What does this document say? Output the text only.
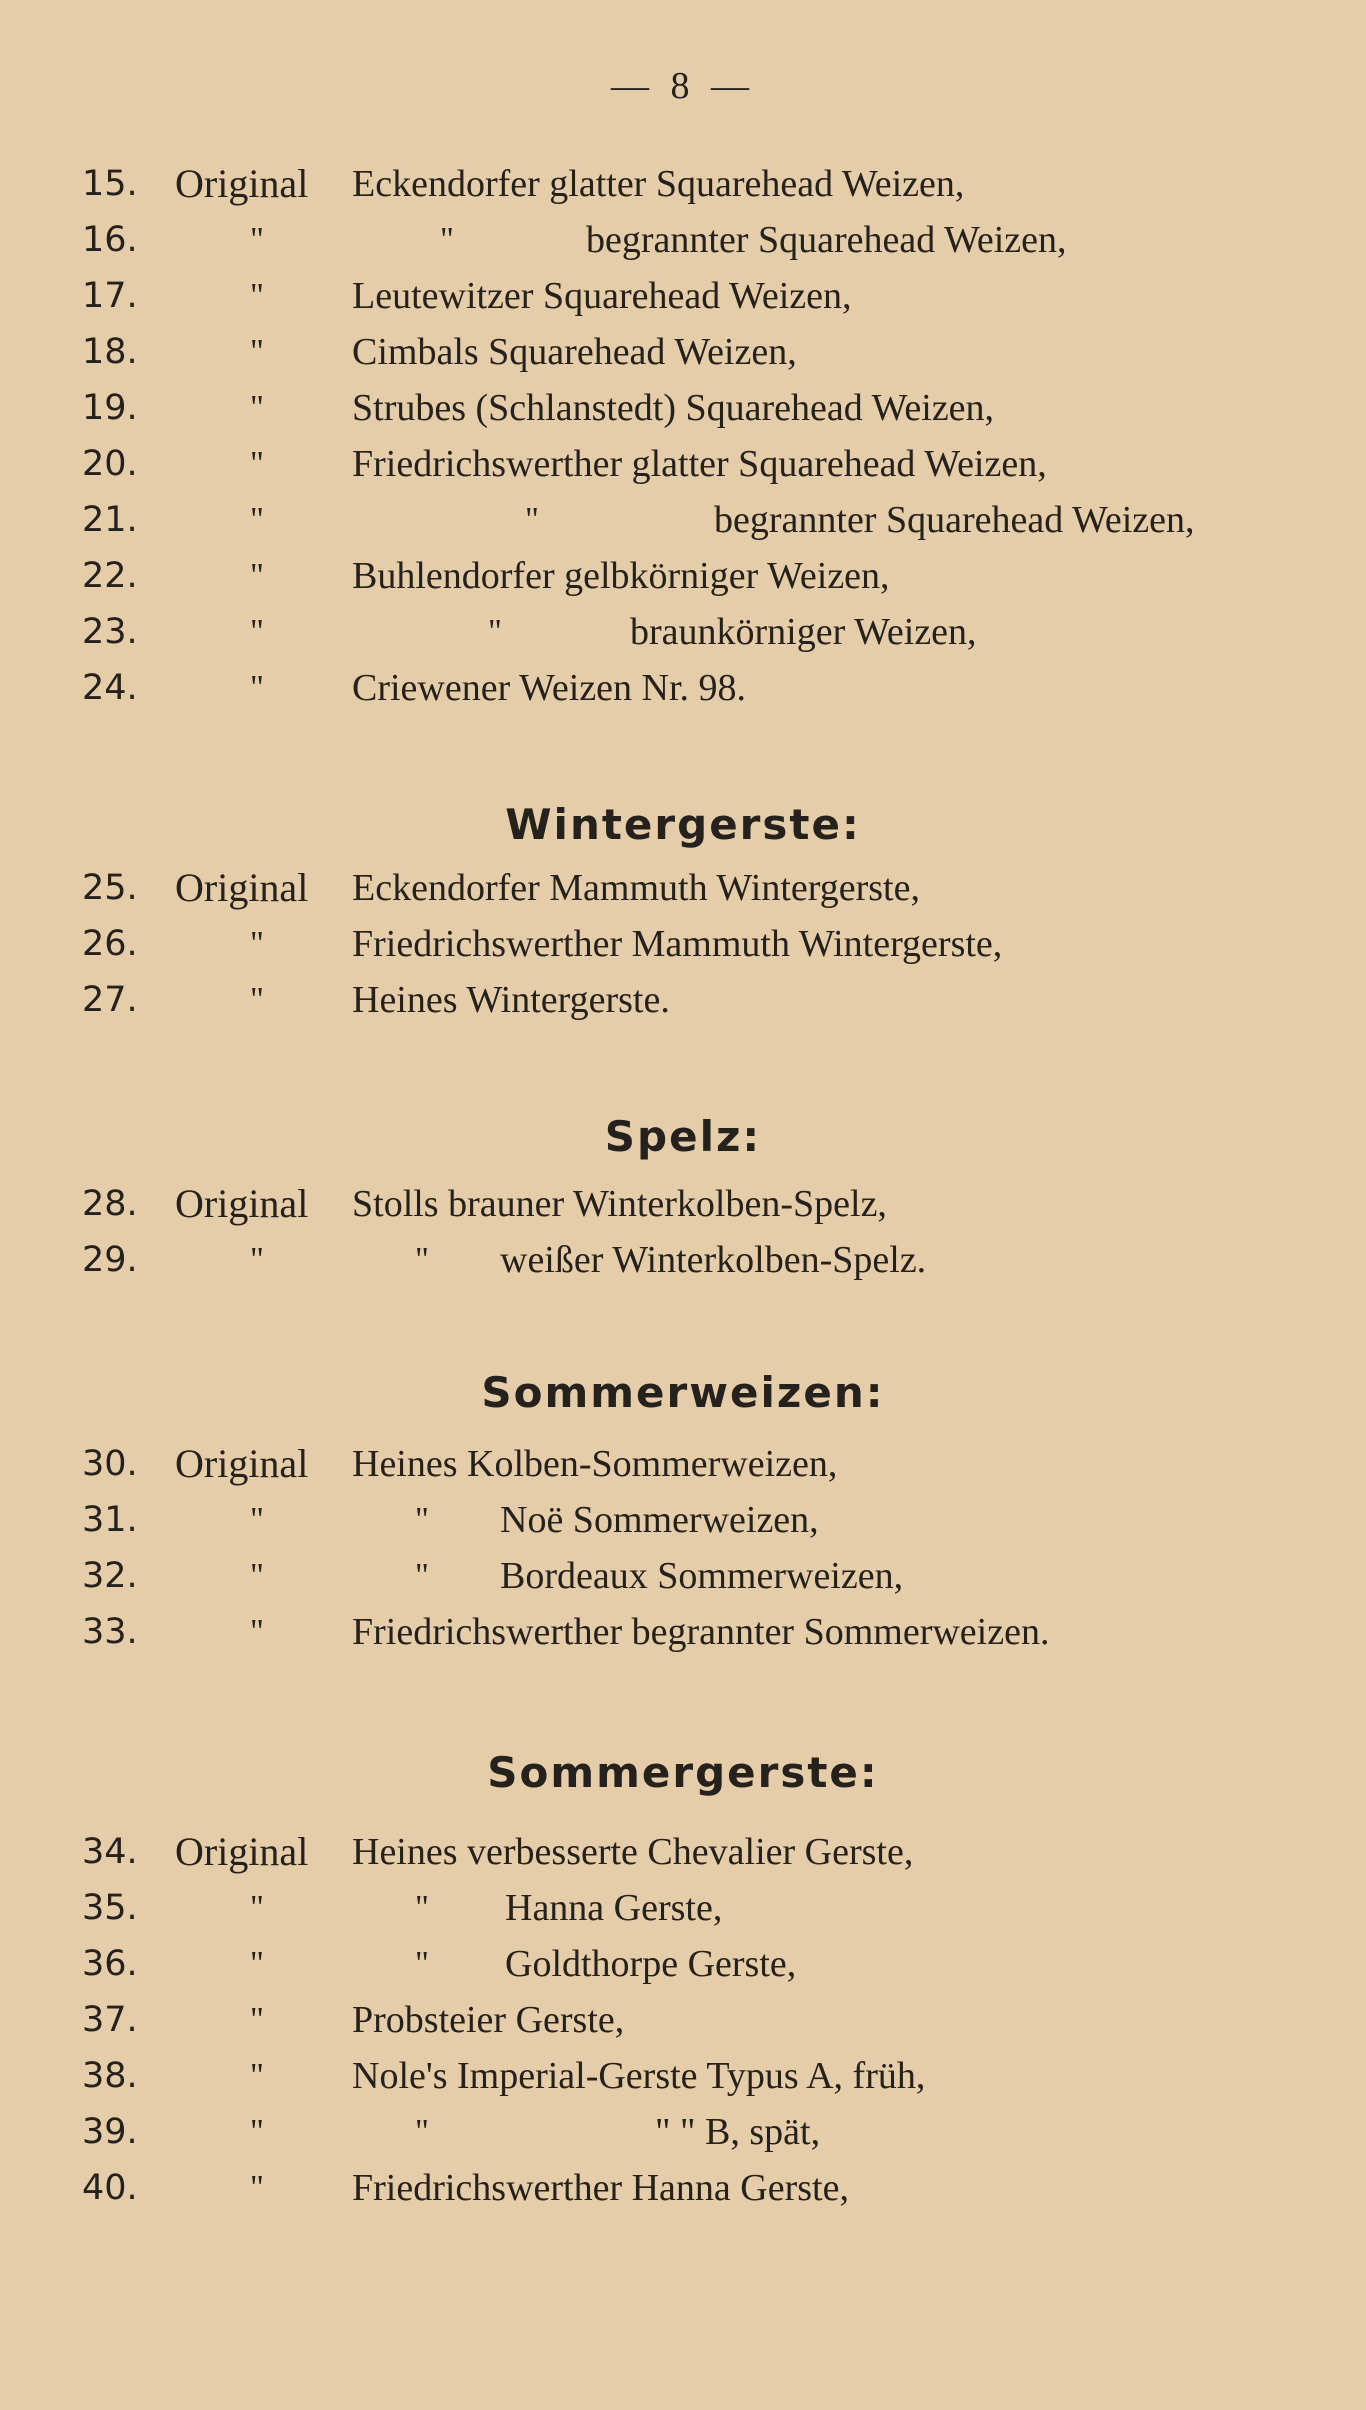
— 8 —
15. Original Eckendorfer glatter Squarehead Weizen,
16.	"	"	begrannter Squarehead Weizen,
17.	" Leutewitzer Squarehead Weizen,
18.	" Cimbals Squarehead Weizen,
19.	" Strubes (Schlanstedt) Squarehead Weizen,
20.	" Friedrichswerther glatter Squarehead Weizen,
21.	"	"	begrannter Squarehead Weizen,
22.	" Buhlendorfer gelbkörniger Weizen,
23.	"	"	braunkörniger Weizen,
24.	" Criewener Weizen Nr. 98.
Wintergerste:
25. Original Eckendorfer Mammuth Wintergerste,
26.	" Friedrichswerther Mammuth Wintergerste,
27.	" Heines Wintergerste.
Spelz:
28. Original Stolls brauner Winterkolben-Spelz,
29.	"	" weißer Winterkolben-Spelz.
Sommerweizen:
30. Original Heines Kolben-Sommerweizen,
31.	"	" Noë Sommerweizen,
32.	"	" Bordeaux Sommerweizen,
33.	" Friedrichswerther begrannter Sommerweizen.
Sommergerste:
34. Original Heines verbesserte Chevalier Gerste,
35.	"	" Hanna Gerste,
36.	"	" Goldthorpe Gerste,
37.	" Probsteier Gerste,
38.	" Nole's Imperial-Gerste Typus A, früh,
39.	"	"	" " B, spät,
40.	" Friedrichswerther Hanna Gerste,
